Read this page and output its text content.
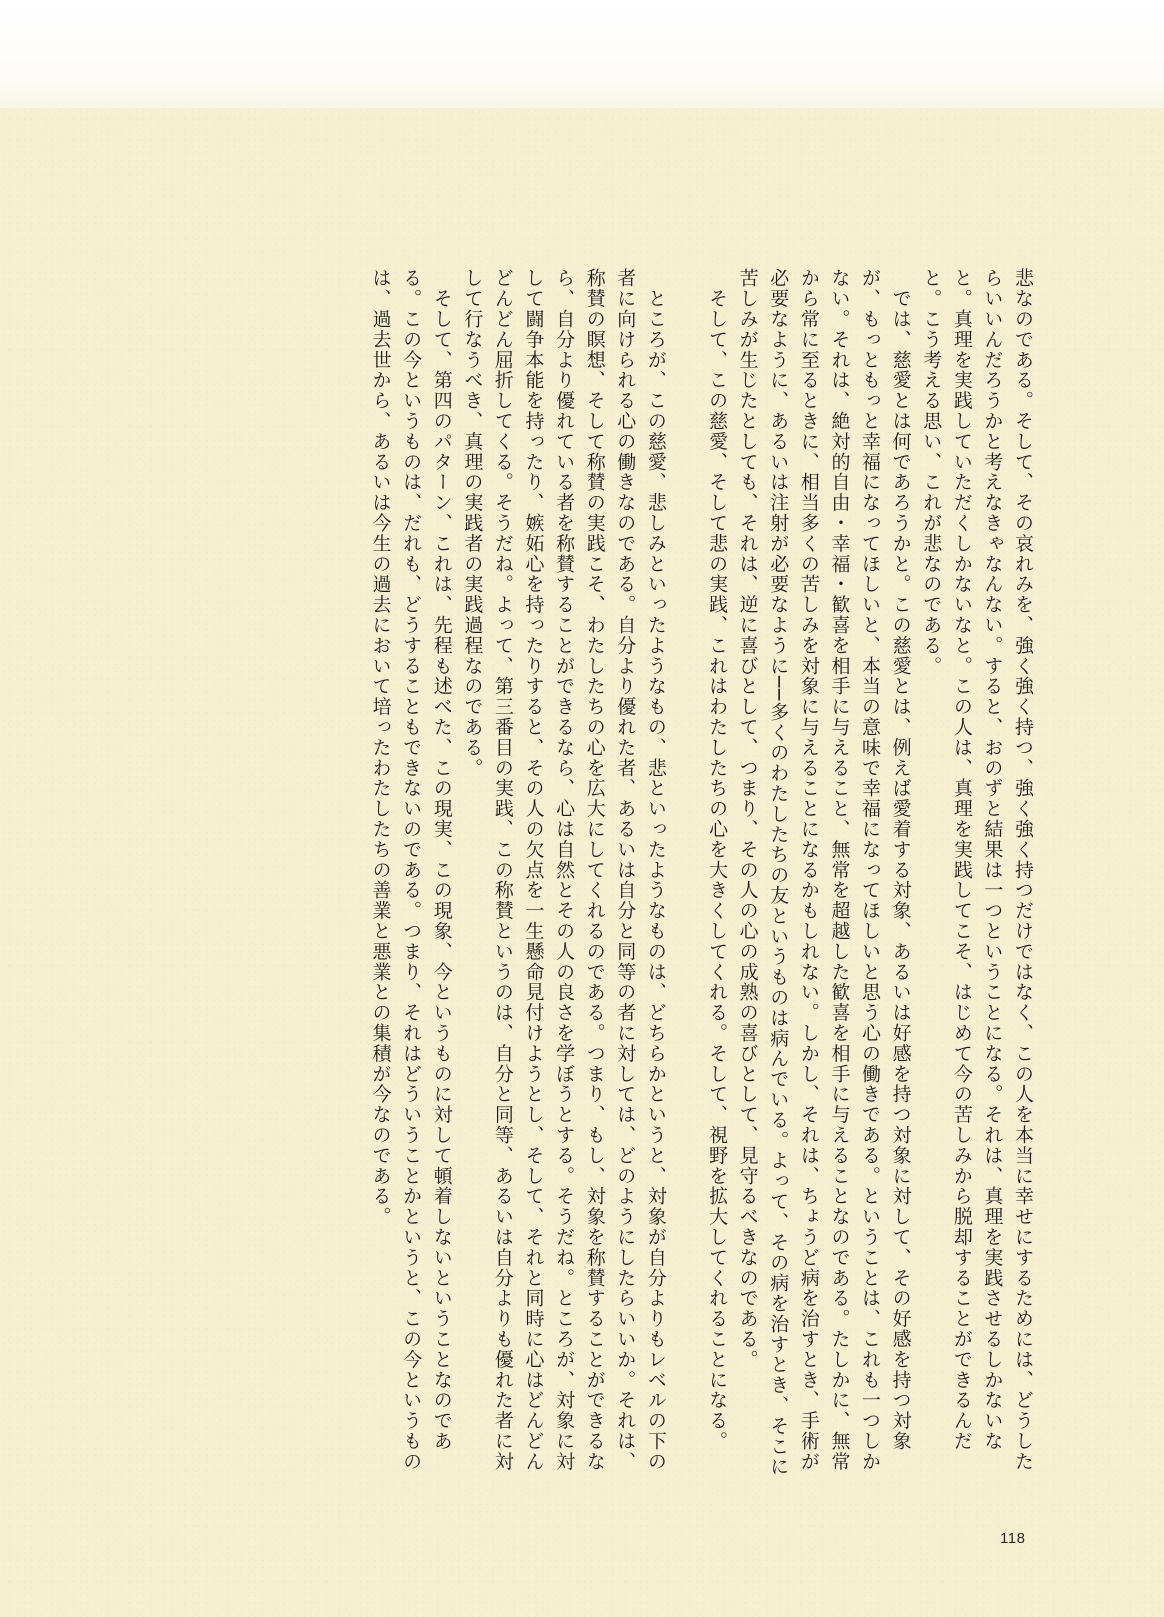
悲なのである。そして、その哀れみを、強く強く持つ、強く強く持つだけではなく、この人を本当に幸せにするためには、どうしたらいいんだろうかと考えなきゃなんない。すると、おのずと結果は一つということになる。それは、真理を実践させるしかないなと。真理を実践していただくしかないなと。この人は、真理を実践してこそ、はじめて今の苦しみから脱却することができるんだと。こう考える思い、これが悲なのである。

　では、慈愛とは何であろうかと。この慈愛とは、例えば愛着する対象、あるいは好感を持つ対象に対して、その好感を持つ対象が、もっともっと幸福になってほしいと、本当の意味で幸福になってほしいと思う心の働きである。ということは、これも一つしかない。それは、絶対的自由・幸福・歓喜を相手に与えること、無常を超越した歓喜を相手に与えることなのである。たしかに、無常から常に至るときに、相当多くの苦しみを対象に与えることになるかもしれない。しかし、それは、ちょうど病を治すとき、手術が必要なように、あるいは注射が必要なように──多くのわたしたちの友というものは病んでいる。よって、その病を治すとき、そこに苦しみが生じたとしても、それは、逆に喜びとして、つまり、その人の心の成熟の喜びとして、見守るべきなのである。

　そして、この慈愛、そして悲の実践、これはわたしたちの心を大きくしてくれる。そして、視野を拡大してくれることになる。

　ところが、この慈愛、悲しみといったようなもの、悲といったようなものは、どちらかというと、対象が自分よりもレベルの下の者に向けられる心の働きなのである。自分より優れた者、あるいは自分と同等の者に対しては、どのようにしたらいいか。それは、称賛の瞑想、そして称賛の実践こそ、わたしたちの心を広大にしてくれるのである。つまり、もし、対象を称賛することができるなら、自分より優れている者を称賛することができるなら、心は自然とその人の良さを学ぼうとする。そうだね。ところが、対象に対して闘争本能を持ったり、嫉妬心を持ったりすると、その人の欠点を一生懸命見付けようとし、そして、それと同時に心はどんどんどんどん屈折してくる。そうだね。よって、第三番目の実践、この称賛というのは、自分と同等、あるいは自分よりも優れた者に対して行なうべき、真理の実践者の実践過程なのである。

　そして、第四のパターン、これは、先程も述べた、この現実、この現象、今というものに対して頓着しないということなのである。この今というものは、だれも、どうすることもできないのである。つまり、それはどういうことかというと、この今というものは、過去世から、あるいは今生の過去において培ったわたしたちの善業と悪業との集積が今なのである。

118
